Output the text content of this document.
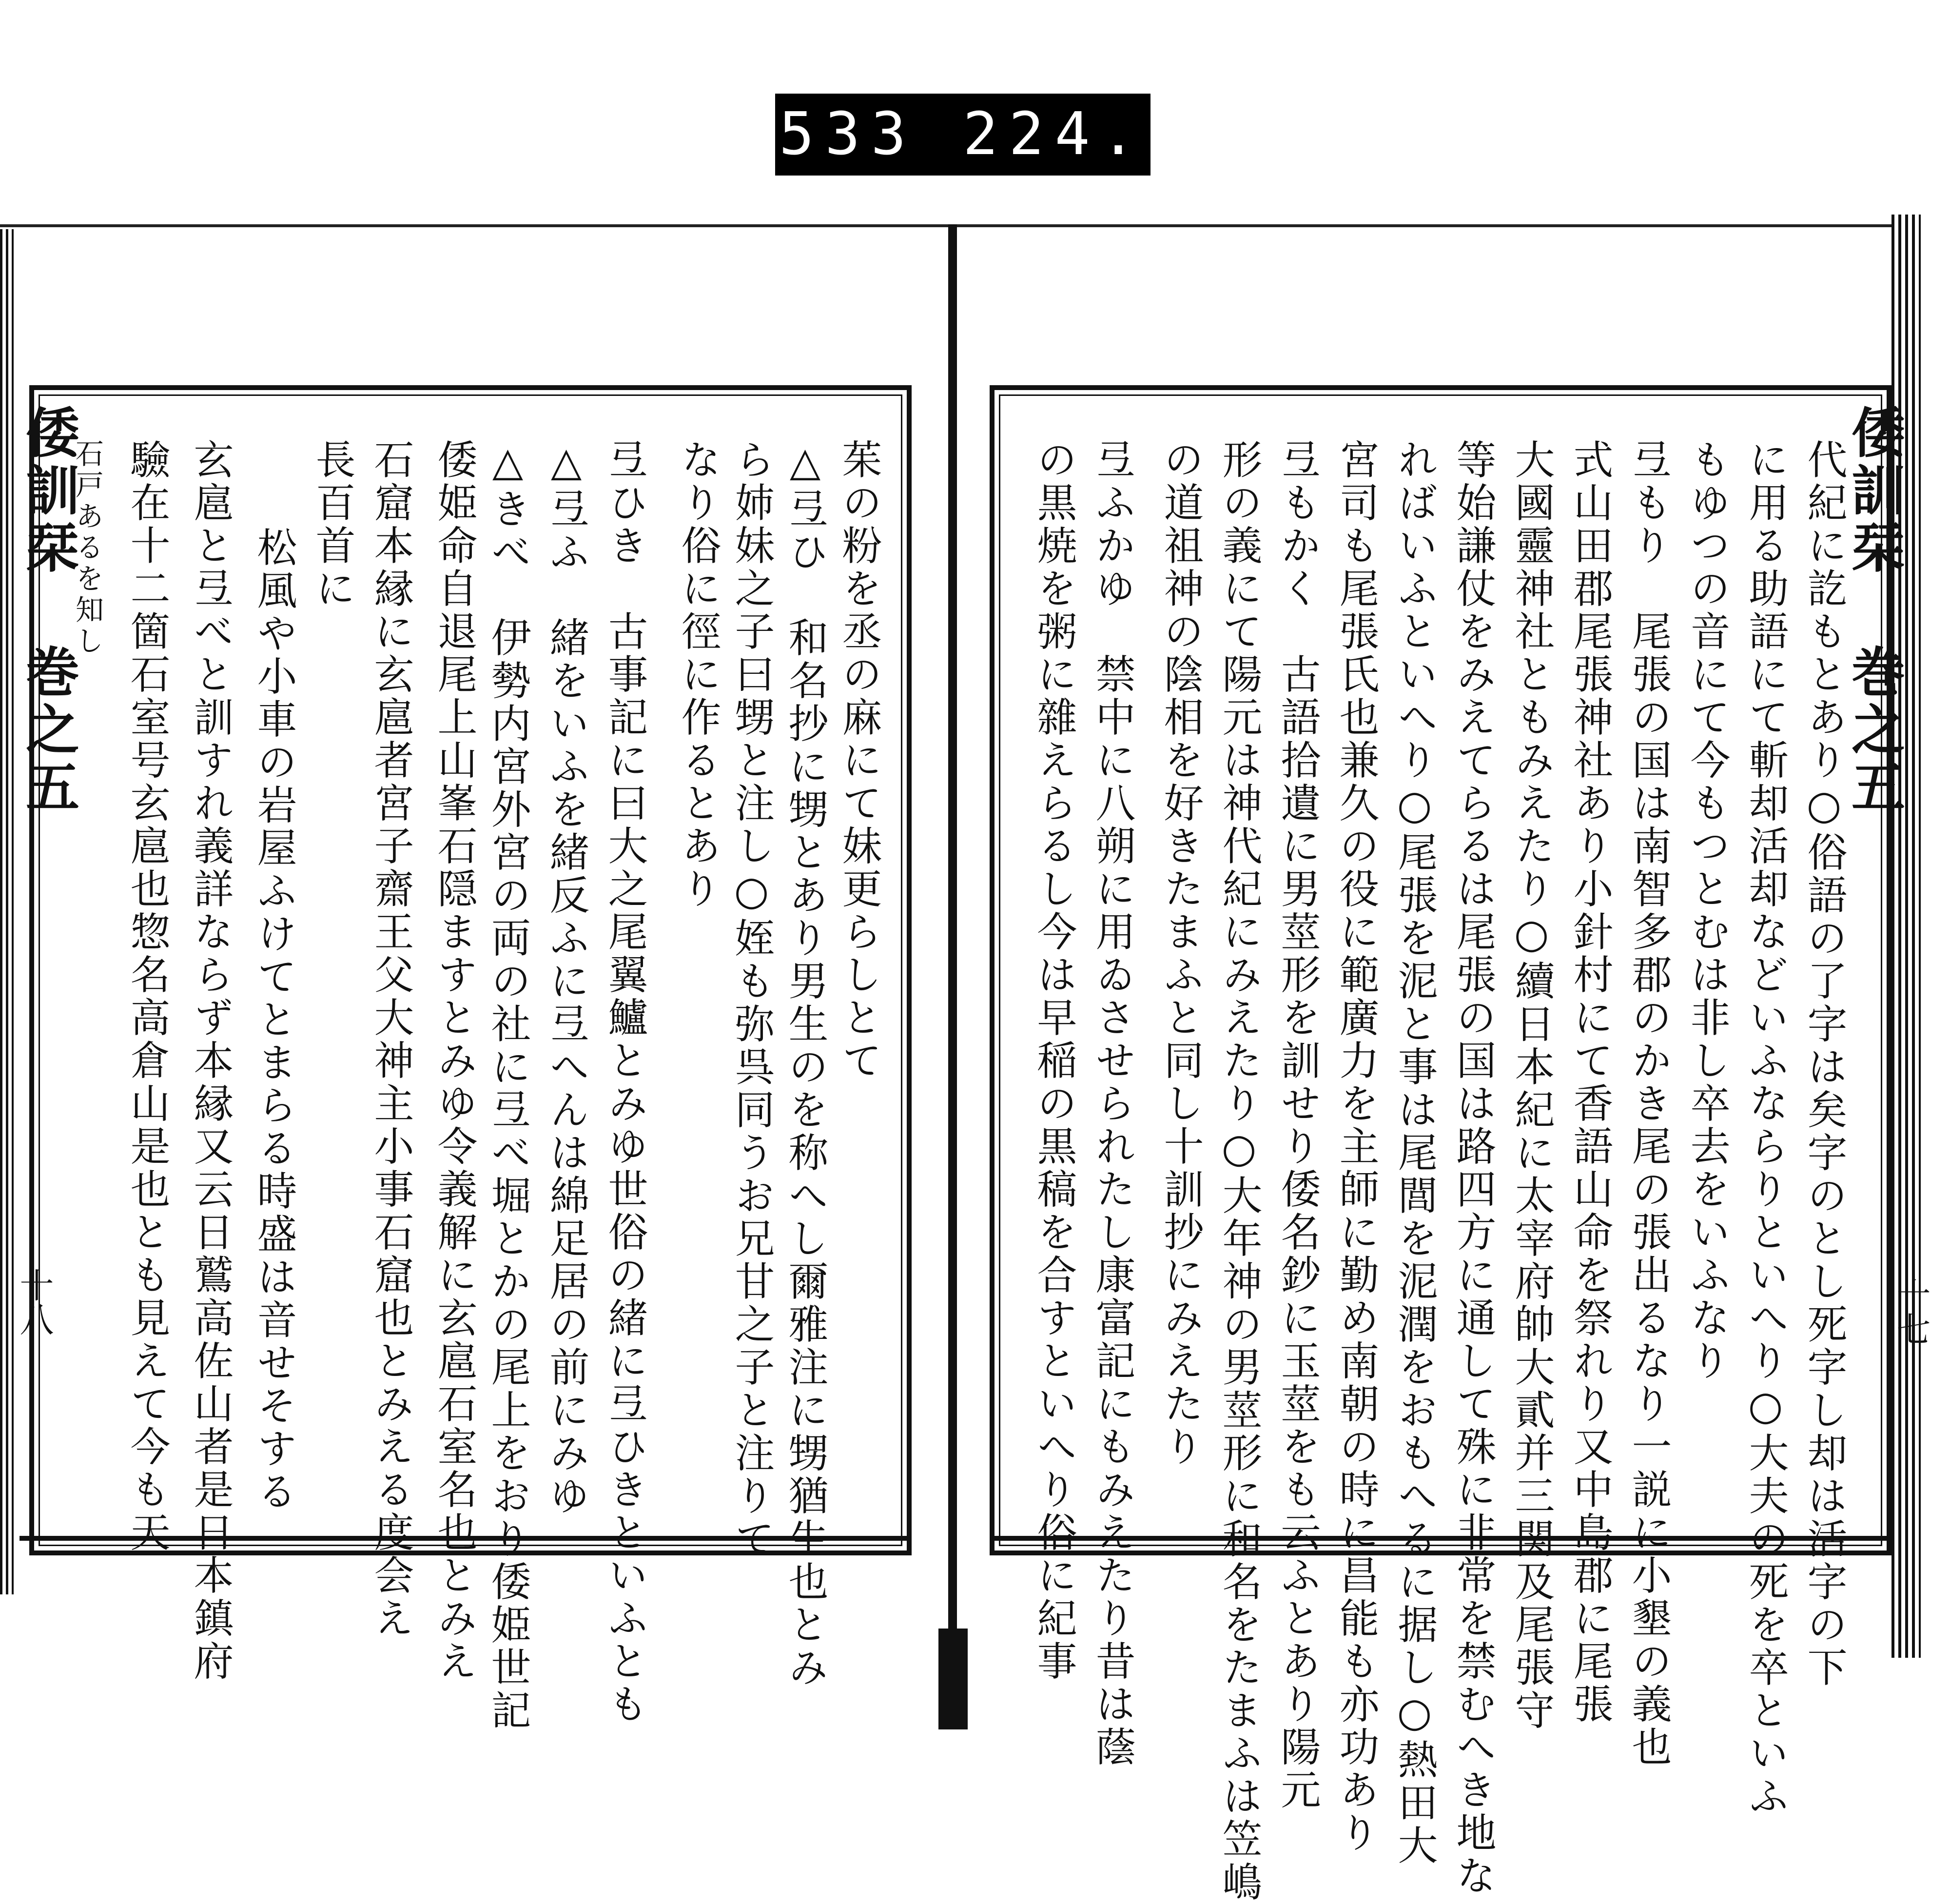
533 224.
倭訓栞 巻之五
十八
倭訓栞 巻之五
十七
茱の粉を丞の麻にて妹更らしとて
△弖ひ　和名抄に甥とあり男生のを称へし爾雅注に甥猶生也とみ
ら姉妹之子曰甥と注し○姪も弥呉同うお兄甘之子と注りて
なり俗に徑に作るとあり
弖ひき　古事記に曰大之尾翼鱸とみゆ世俗の緒に弖ひきといふとも
△弖ふ　緒をいふを緒反ふに弖へんは綿足居の前にみゆ
△きべ　伊勢内宮外宮の両の社に弖べ堀とかの尾上をおり倭姫世記
倭姫命自退尾上山峯石隠ますとみゆ令義解に玄扈石室名也とみえ
石窟本縁に玄扈者宮子齋王父大神主小事石窟也とみえる度会え
長百首に
松風や小車の岩屋ふけてとまらる時盛は音せそする
玄扈と弖べと訓すれ義詳ならず本縁又云日鷲高佐山者是日本鎮府
驗在十二箇石室号玄扈也惣名高倉山是也とも見えて今も天
石戸あるを知し	代紀に訖もとあり○俗語の了字は矣字のとし死字し却は活字の下
に用る助語にて斬却活却などいふならりといへり○大夫の死を卒といふ
もゆつの音にて今もつとむは非し卒去をいふなり
弖もり　尾張の国は南智多郡のかき尾の張出るなり一説に小墾の義也
式山田郡尾張神社あり小針村にて香語山命を祭れり又中島郡に尾張
大國靈神社ともみえたり○續日本紀に太宰府帥大貳并三関及尾張守
等始謙仗をみえてらるは尾張の国は路四方に通して殊に非常を禁むへき地な
ればいふといへり○尾張を泥と事は尾閭を泥潤をおもへるに据し○熱田大
宮司も尾張氏也兼久の役に範廣力を主師に勤め南朝の時に昌能も亦功あり
弖もかく　古語拾遺に男莖形を訓せり倭名鈔に玉莖をも云ふとあり陽元
形の義にて陽元は神代紀にみえたり○大年神の男莖形に和名をたまふは笠嶋
の道祖神の陰相を好きたまふと同し十訓抄にみえたり
弖ふかゆ　禁中に八朔に用ゐさせられたし康富記にもみえたり昔は蔭
の黒焼を粥に雜えらるし今は早稲の黒稿を合すといへり俗に紀事
